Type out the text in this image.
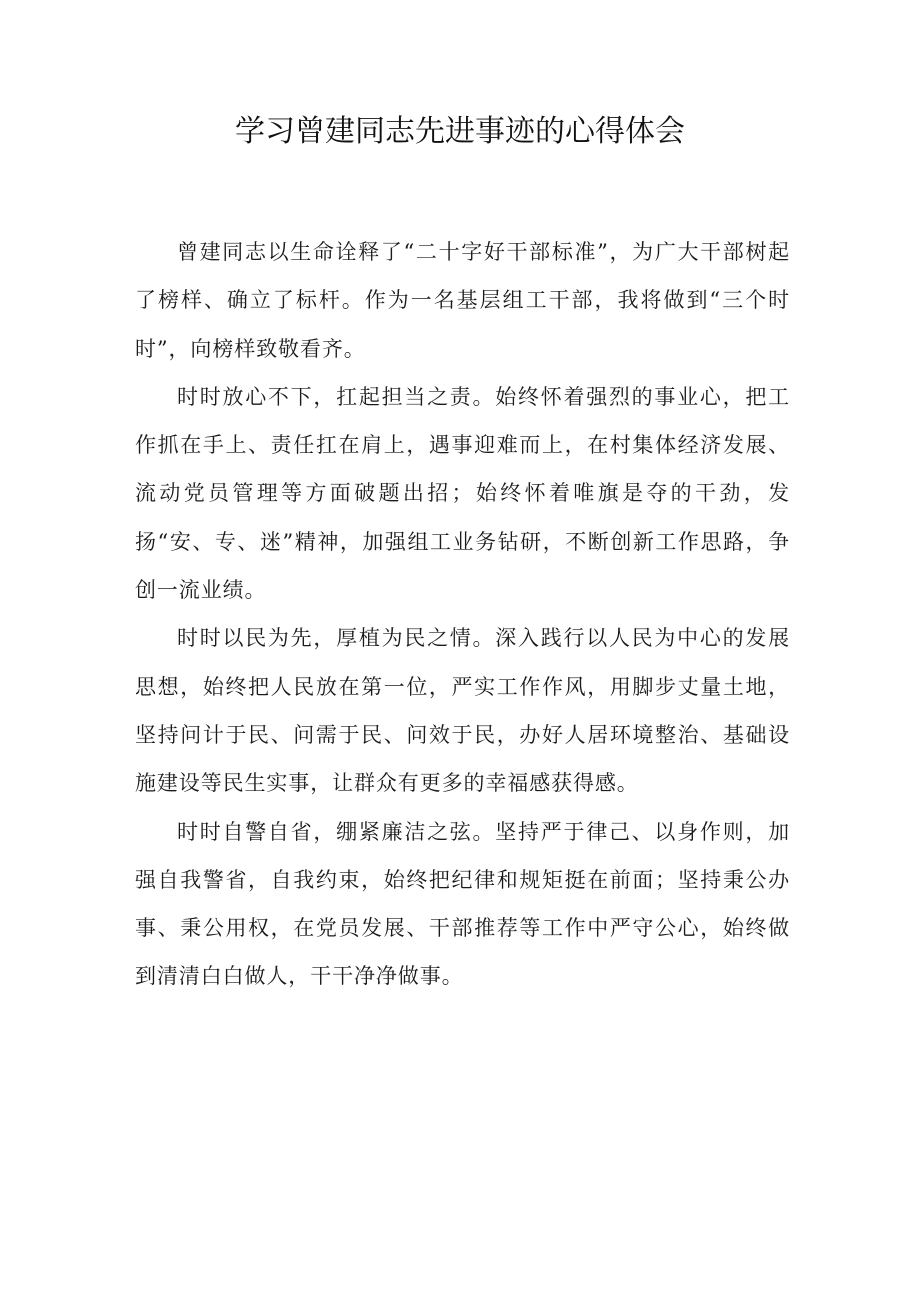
学习曾建同志先进事迹的心得体会

曾建同志以生命诠释了“二十字好干部标准”，为广大干部树起了榜样、确立了标杆。作为一名基层组工干部，我将做到“三个时时”，向榜样致敬看齐。

时时放心不下，扛起担当之责。始终怀着强烈的事业心，把工作抓在手上、责任扛在肩上，遇事迎难而上，在村集体经济发展、流动党员管理等方面破题出招；始终怀着唯旗是夺的干劲，发扬“安、专、迷”精神，加强组工业务钻研，不断创新工作思路，争创一流业绩。

时时以民为先，厚植为民之情。深入践行以人民为中心的发展思想，始终把人民放在第一位，严实工作作风，用脚步丈量土地，坚持问计于民、问需于民、问效于民，办好人居环境整治、基础设施建设等民生实事，让群众有更多的幸福感获得感。

时时自警自省，绷紧廉洁之弦。坚持严于律己、以身作则，加强自我警省，自我约束，始终把纪律和规矩挺在前面；坚持秉公办事、秉公用权，在党员发展、干部推荐等工作中严守公心，始终做到清清白白做人，干干净净做事。
